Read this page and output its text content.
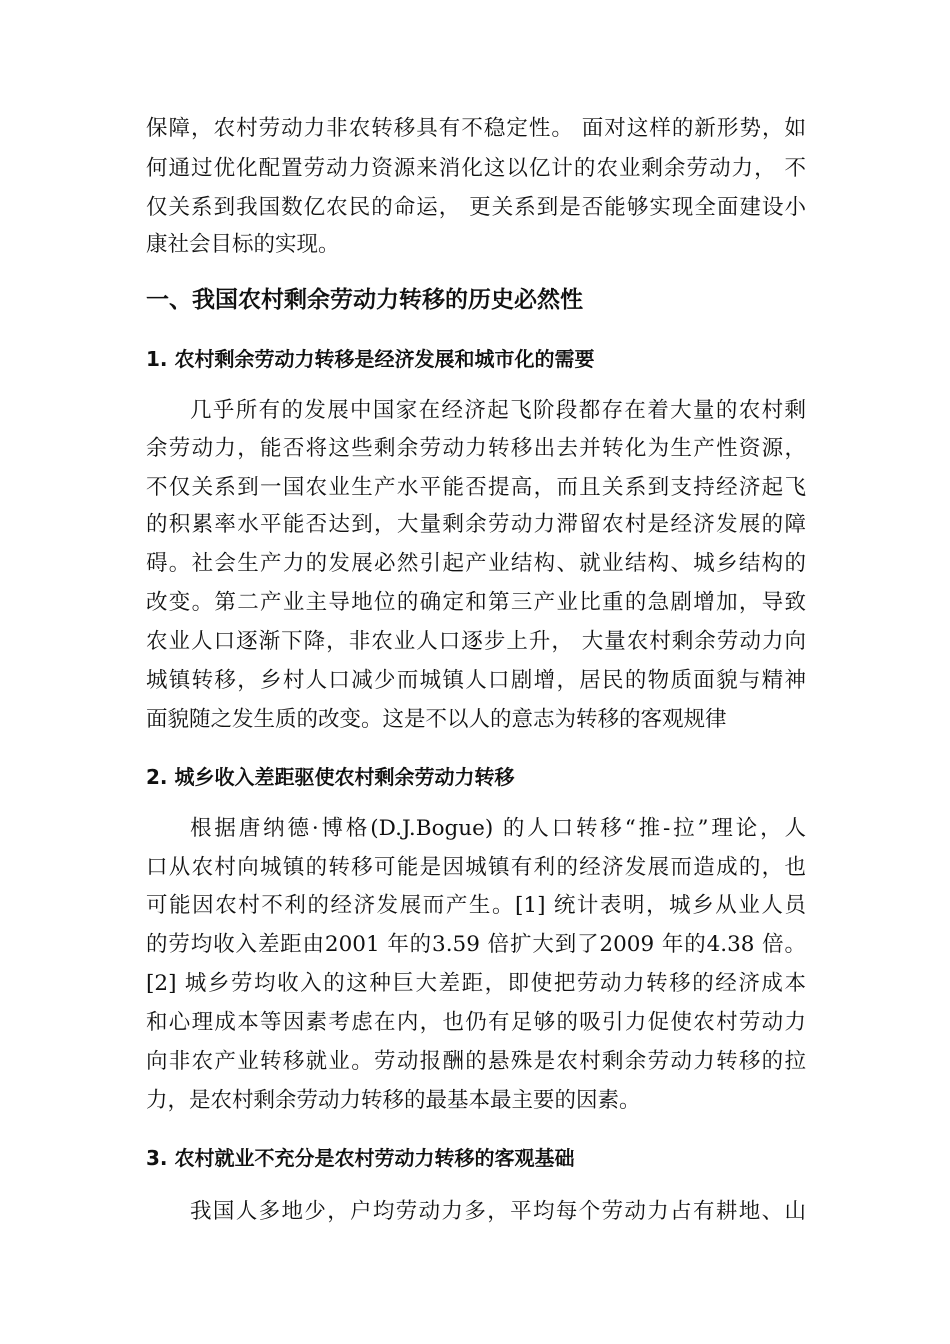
保障，农村劳动力非农转移具有不稳定性。 面对这样的新形势，如
何通过优化配置劳动力资源来消化这以亿计的农业剩余劳动力， 不
仅关系到我国数亿农民的命运， 更关系到是否能够实现全面建设小
康社会目标的实现。
一、我国农村剩余劳动力转移的历史必然性
1. 农村剩余劳动力转移是经济发展和城市化的需要
几乎所有的发展中国家在经济起飞阶段都存在着大量的农村剩
余劳动力，能否将这些剩余劳动力转移出去并转化为生产性资源，
不仅关系到一国农业生产水平能否提高，而且关系到支持经济起飞
的积累率水平能否达到，大量剩余劳动力滞留农村是经济发展的障
碍。社会生产力的发展必然引起产业结构、就业结构、城乡结构的
改变。第二产业主导地位的确定和第三产业比重的急剧增加，导致
农业人口逐渐下降，非农业人口逐步上升， 大量农村剩余劳动力向
城镇转移，乡村人口减少而城镇人口剧增，居民的物质面貌与精神
面貌随之发生质的改变。这是不以人的意志为转移的客观规律
2. 城乡收入差距驱使农村剩余劳动力转移
根据唐纳德·博格(D.J.Bogue) 的人口转移“推-拉”理论，人
口从农村向城镇的转移可能是因城镇有利的经济发展而造成的，也
可能因农村不利的经济发展而产生。[1] 统计表明，城乡从业人员
的劳均收入差距由2001 年的3.59 倍扩大到了2009 年的4.38 倍。
[2] 城乡劳均收入的这种巨大差距，即使把劳动力转移的经济成本
和心理成本等因素考虑在内，也仍有足够的吸引力促使农村劳动力
向非农产业转移就业。劳动报酬的悬殊是农村剩余劳动力转移的拉
力，是农村剩余劳动力转移的最基本最主要的因素。
3. 农村就业不充分是农村劳动力转移的客观基础
我国人多地少，户均劳动力多，平均每个劳动力占有耕地、山
